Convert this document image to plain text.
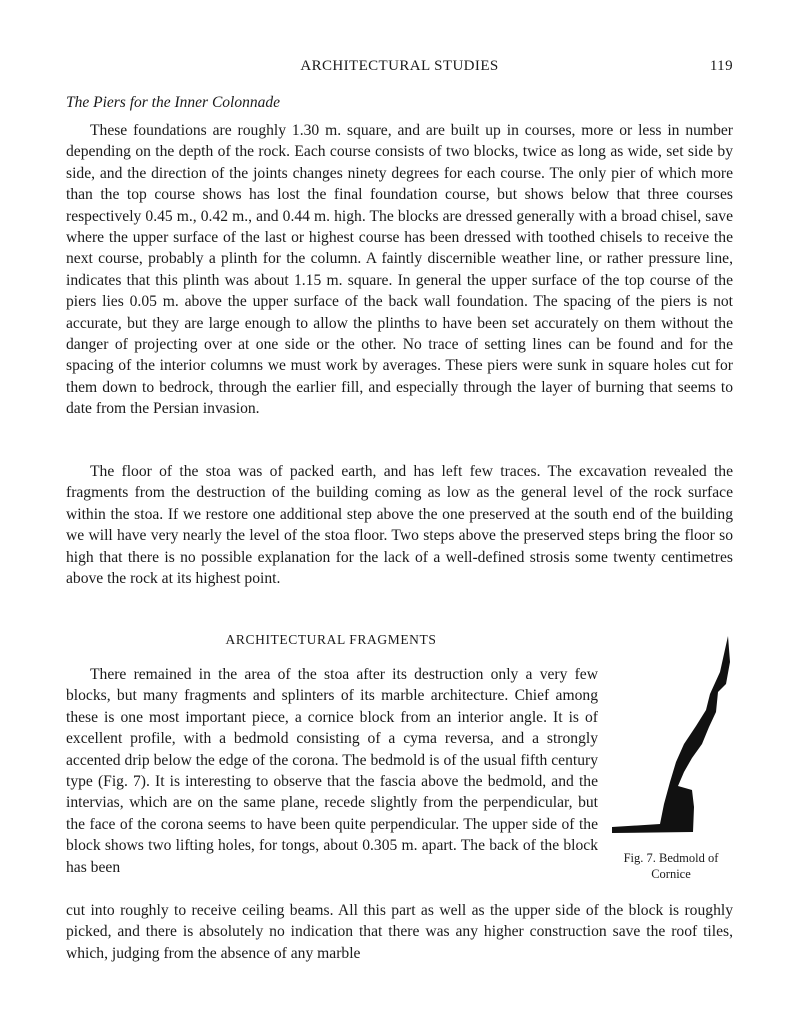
ARCHITECTURAL STUDIES	119
The Piers for the Inner Colonnade

These foundations are roughly 1.30 m. square, and are built up in courses, more or less in number depending on the depth of the rock. Each course consists of two blocks, twice as long as wide, set side by side, and the direction of the joints changes ninety degrees for each course. The only pier of which more than the top course shows has lost the final foundation course, but shows below that three courses respectively 0.45 m., 0.42 m., and 0.44 m. high. The blocks are dressed generally with a broad chisel, save where the upper surface of the last or highest course has been dressed with toothed chisels to receive the next course, probably a plinth for the column. A faintly discernible weather line, or rather pressure line, indicates that this plinth was about 1.15 m. square. In general the upper surface of the top course of the piers lies 0.05 m. above the upper surface of the back wall foundation. The spacing of the piers is not accurate, but they are large enough to allow the plinths to have been set accurately on them without the danger of projecting over at one side or the other. No trace of setting lines can be found and for the spacing of the interior columns we must work by averages. These piers were sunk in square holes cut for them down to bedrock, through the earlier fill, and especially through the layer of burning that seems to date from the Persian invasion.

The floor of the stoa was of packed earth, and has left few traces. The excavation revealed the fragments from the destruction of the building coming as low as the general level of the rock surface within the stoa. If we restore one additional step above the one preserved at the south end of the building we will have very nearly the level of the stoa floor. Two steps above the preserved steps bring the floor so high that there is no possible explanation for the lack of a well-defined strosis some twenty centimetres above the rock at its highest point.

ARCHITECTURAL FRAGMENTS

There remained in the area of the stoa after its destruction only a very few blocks, but many fragments and splinters of its marble architecture. Chief among these is one most important piece, a cornice block from an interior angle. It is of excellent profile, with a bedmold consisting of a cyma reversa, and a strongly accented drip below the edge of the corona. The bedmold is of the usual fifth century type (Fig. 7). It is interesting to observe that the fascia above the bedmold, and the intervias, which are on the same plane, recede slightly from the perpendicular, but the face of the corona seems to have been quite perpendicular. The upper side of the block shows two lifting holes, for tongs, about 0.305 m. apart. The back of the block has been

Fig. 7. Bedmold of Cornice

cut into roughly to receive ceiling beams. All this part as well as the upper side of the block is roughly picked, and there is absolutely no indication that there was any higher construction save the roof tiles, which, judging from the absence of any marble
